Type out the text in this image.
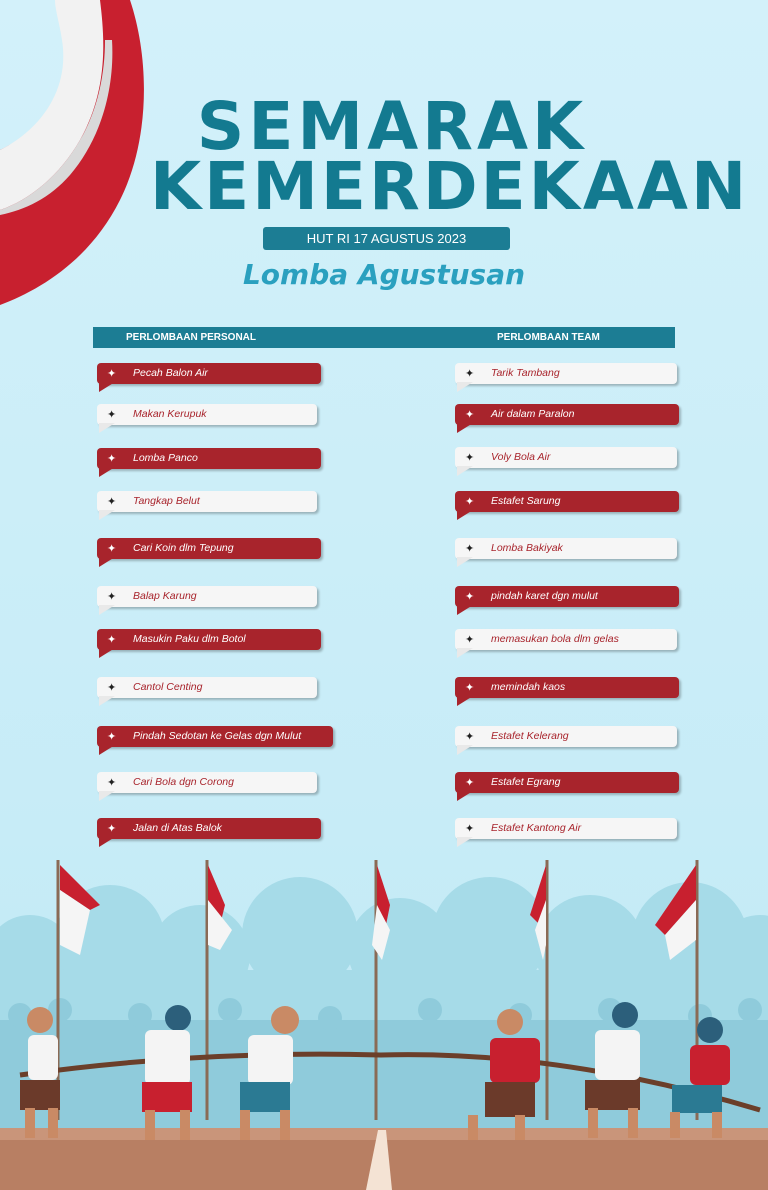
SEMARAK
KEMERDEKAAN
HUT RI 17 AGUSTUS 2023
Lomba Agustusan
PERLOMBAAN PERSONAL	PERLOMBAAN TEAM
✦ Pecah Balon Air
✦ Makan Kerupuk
✦ Lomba Panco
✦ Tangkap Belut
✦ Cari Koin dlm Tepung
✦ Balap Karung
✦ Masukin Paku dlm Botol
✦ Cantol Centing
✦ Pindah Sedotan ke Gelas dgn Mulut
✦ Cari Bola dgn Corong
✦ Jalan di Atas Balok
✦ Tarik Tambang
✦ Air dalam Paralon
✦ Voly Bola Air
✦ Estafet Sarung
✦ Lomba Bakiyak
✦ pindah karet dgn mulut
✦ memasukan bola dlm gelas
✦ memindah kaos
✦ Estafet Kelerang
✦ Estafet Egrang
✦ Estafet Kantong Air
